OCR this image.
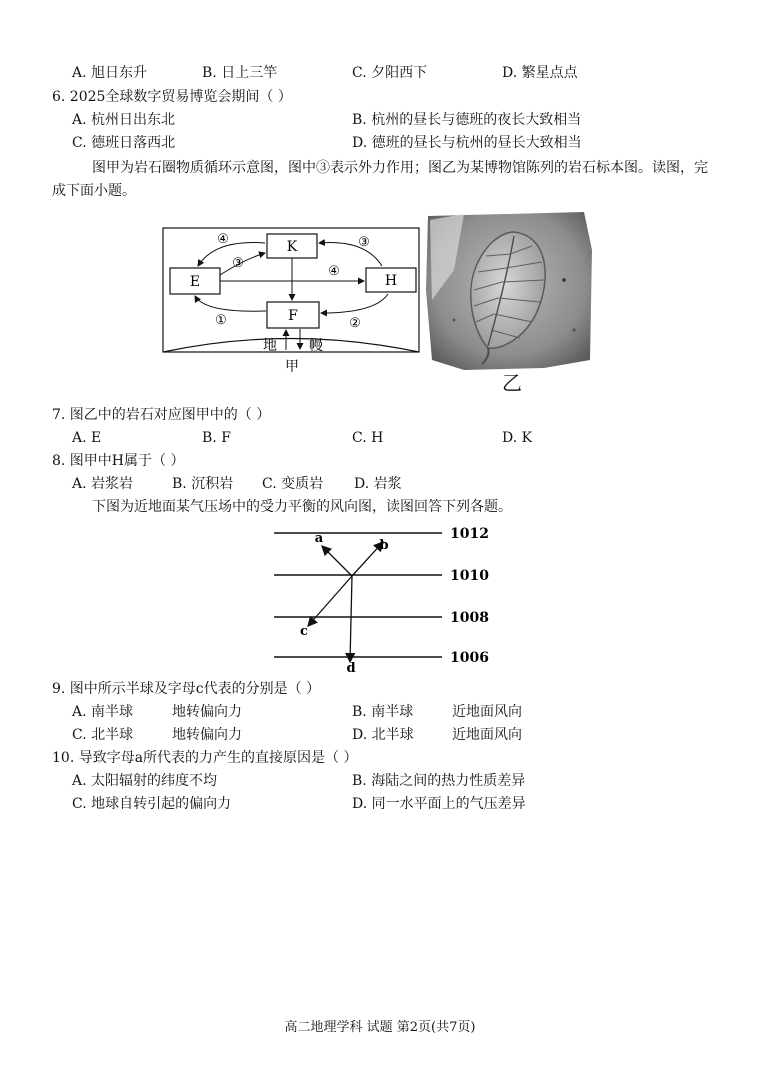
A. 旭日东升	B. 日上三竿	C. 夕阳西下	D. 繁星点点
6. 2025全球数字贸易博览会期间（ ）
A. 杭州日出东北	B. 杭州的昼长与德班的夜长大致相当
C. 德班日落西北	D. 德班的昼长与杭州的昼长大致相当
图甲为岩石圈物质循环示意图，图中③表示外力作用；图乙为某博物馆陈列的岩石标本图。读图，完成下面小题。
K
E	H
F
④
③
③
④
①	②
地 幔
甲
乙
7. 图乙中的岩石对应图甲中的（ ）
A. E	B. F	C. H	D. K
8. 图甲中H属于（ ）
A. 岩浆岩	B. 沉积岩 C. 变质岩 D. 岩浆
下图为近地面某气压场中的受力平衡的风向图，读图回答下列各题。
1012
1010
1008
1006
a	b
c
d
9. 图中所示半球及字母c代表的分别是（ ）
A. 南半球	地转偏向力	B. 南半球	近地面风向
C. 北半球	地转偏向力	D. 北半球	近地面风向
10. 导致字母a所代表的力产生的直接原因是（ ）
A. 太阳辐射的纬度不均	B. 海陆之间的热力性质差异
C. 地球自转引起的偏向力	D. 同一水平面上的气压差异
高二地理学科 试题 第2页(共7页)
